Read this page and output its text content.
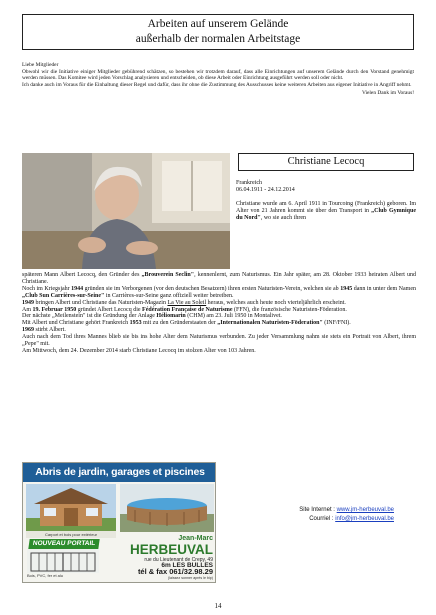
Arbeiten auf unserem Gelände
außerhalb der normalen Arbeitstage

Liebe Mitglieder

Obwohl wir die Initiative einiger Mitglieder gebührend schätzen, so bestehen wir trotzdem darauf, dass alle Einrichtungen auf unserem Gelände durch den Vorstand genehmigt werden müssen. Das Komitee wird jeden Vorschlag analysieren und entscheiden, ob diese Arbeit oder Einrichtung ausgeführt werden soll oder nicht.

Ich danke auch im Voraus für die Einhaltung dieser Regel und dafür, dass ihr ohne die Zustimmung des Ausschusses keine weiteren Arbeiten aus eigener Initiative in Angriff nehmt.

Vielen Dank im Voraus!

Christiane Lecocq

Frankreich

06.04.1911 - 24.12.2014

Christiane wurde am 6. April 1911 in Tourcoing (Frankreich) geboren. Im Alter von 21 Jahren kommt sie über den Transport in „Club Gymnique du Nord", wo sie auch ihren

späteren Mann Albert Lecocq, den Gründer des „Brouverein Seclin", kennenlernt, zum Naturismus. Ein Jahr später, am 28. Oktober 1933 heiraten Albert und Christiane.

Noch im Kriegsjahr 1944 gründen sie im Verborgenen (vor den deutschen Besatzern) ihren ersten Naturisten-Verein, welchen sie ab 1945 dann in unter dem Namen „Club Sun Carrières-sur-Seine" in Carrières-sur-Seine ganz offiziell weiter betreiben.

1949 bringen Albert und Christiane das Naturisten-Magazin La Vie au Soleil heraus, welches auch heute noch vierteljährlich erscheint.

Am 19. Februar 1950 gründet Albert Lecocq die Fédération Française de Naturisme (FFN), die französische Naturisten-Föderation.

Der nächste „Meilenstein" ist die Gründung der Anlage Héliomarin (CHM) am 23. Juli 1950 in Montalivet.

Mit Albert und Christiane gehört Frankreich 1953 mit zu den Gründerstaaten der „Internationalen Naturisten-Föderation" (INF/FNI).

1969 stirbt Albert.

Auch nach dem Tod ihres Mannes blieb sie bis ins hohe Alter dem Naturismus verbunden. Zu jeder Versammlung nahm sie stets ein Portrait von Albert, ihrem „Pepe" mit.

Am Mittwoch, dem 24. Dezember 2014 starb Christiane Lecocq im stolzen Alter von 103 Jahren.

Abris de jardin, garages et piscines
Carport et bois pour extérieur
NOUVEAU PORTAIL
Bois, PVC, fer et alu
Jean-Marc
HERBEUVAL
rue du Lieutenant de Crepy, 49
6m LES BULLES
tél & fax 061/32.98.29
(laissez sonner après le bip)
Site Internet : www.jm-herbeuval.be
Courriel : info@jm-herbeuval.be
14
